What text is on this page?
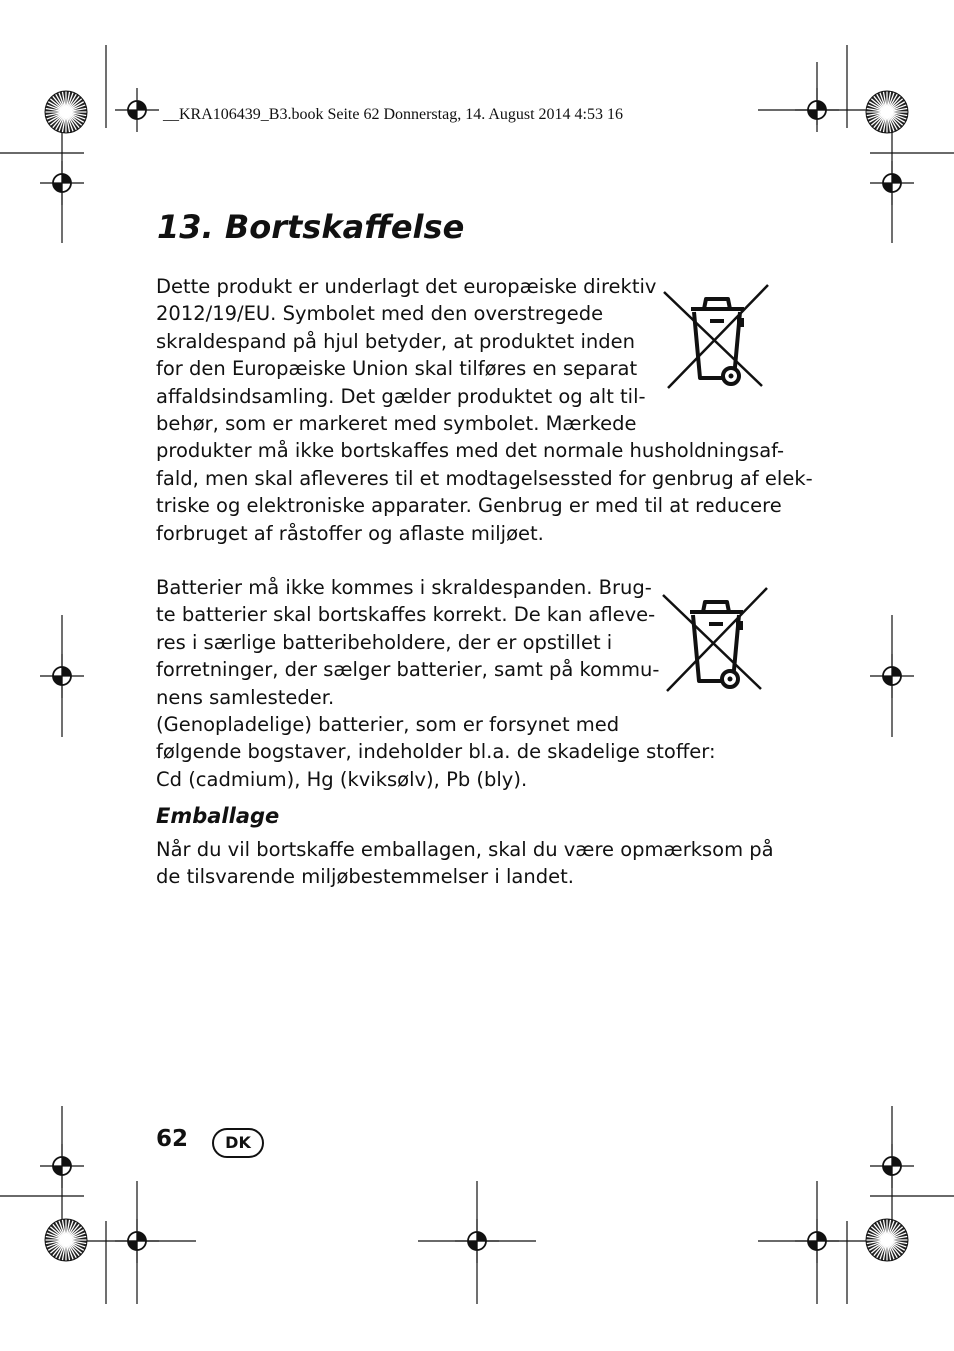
__KRA106439_B3.book Seite 62 Donnerstag, 14. August 2014 4:53 16
13. Bortskaffelse
Dette produkt er underlagt det europæiske direktiv
2012/19/EU. Symbolet med den overstregede
skraldespand på hjul betyder, at produktet inden
for den Europæiske Union skal tilføres en separat
affaldsindsamling. Det gælder produktet og alt til-
behør, som er markeret med symbolet. Mærkede
produkter må ikke bortskaffes med det normale husholdningsaf-
fald, men skal afleveres til et modtagelsessted for genbrug af elek-
triske og elektroniske apparater. Genbrug er med til at reducere
forbruget af råstoffer og aflaste miljøet.
Batterier må ikke kommes i skraldespanden. Brug-
te batterier skal bortskaffes korrekt. De kan afleve-
res i særlige batteribeholdere, der er opstillet i
forretninger, der sælger batterier, samt på kommu-
nens samlesteder.
(Genopladelige) batterier, som er forsynet med
følgende bogstaver, indeholder bl.a. de skadelige stoffer:
Cd (cadmium), Hg (kviksølv), Pb (bly).
Emballage
Når du vil bortskaffe emballagen, skal du være opmærksom på
de tilsvarende miljøbestemmelser i landet.
62	DK
